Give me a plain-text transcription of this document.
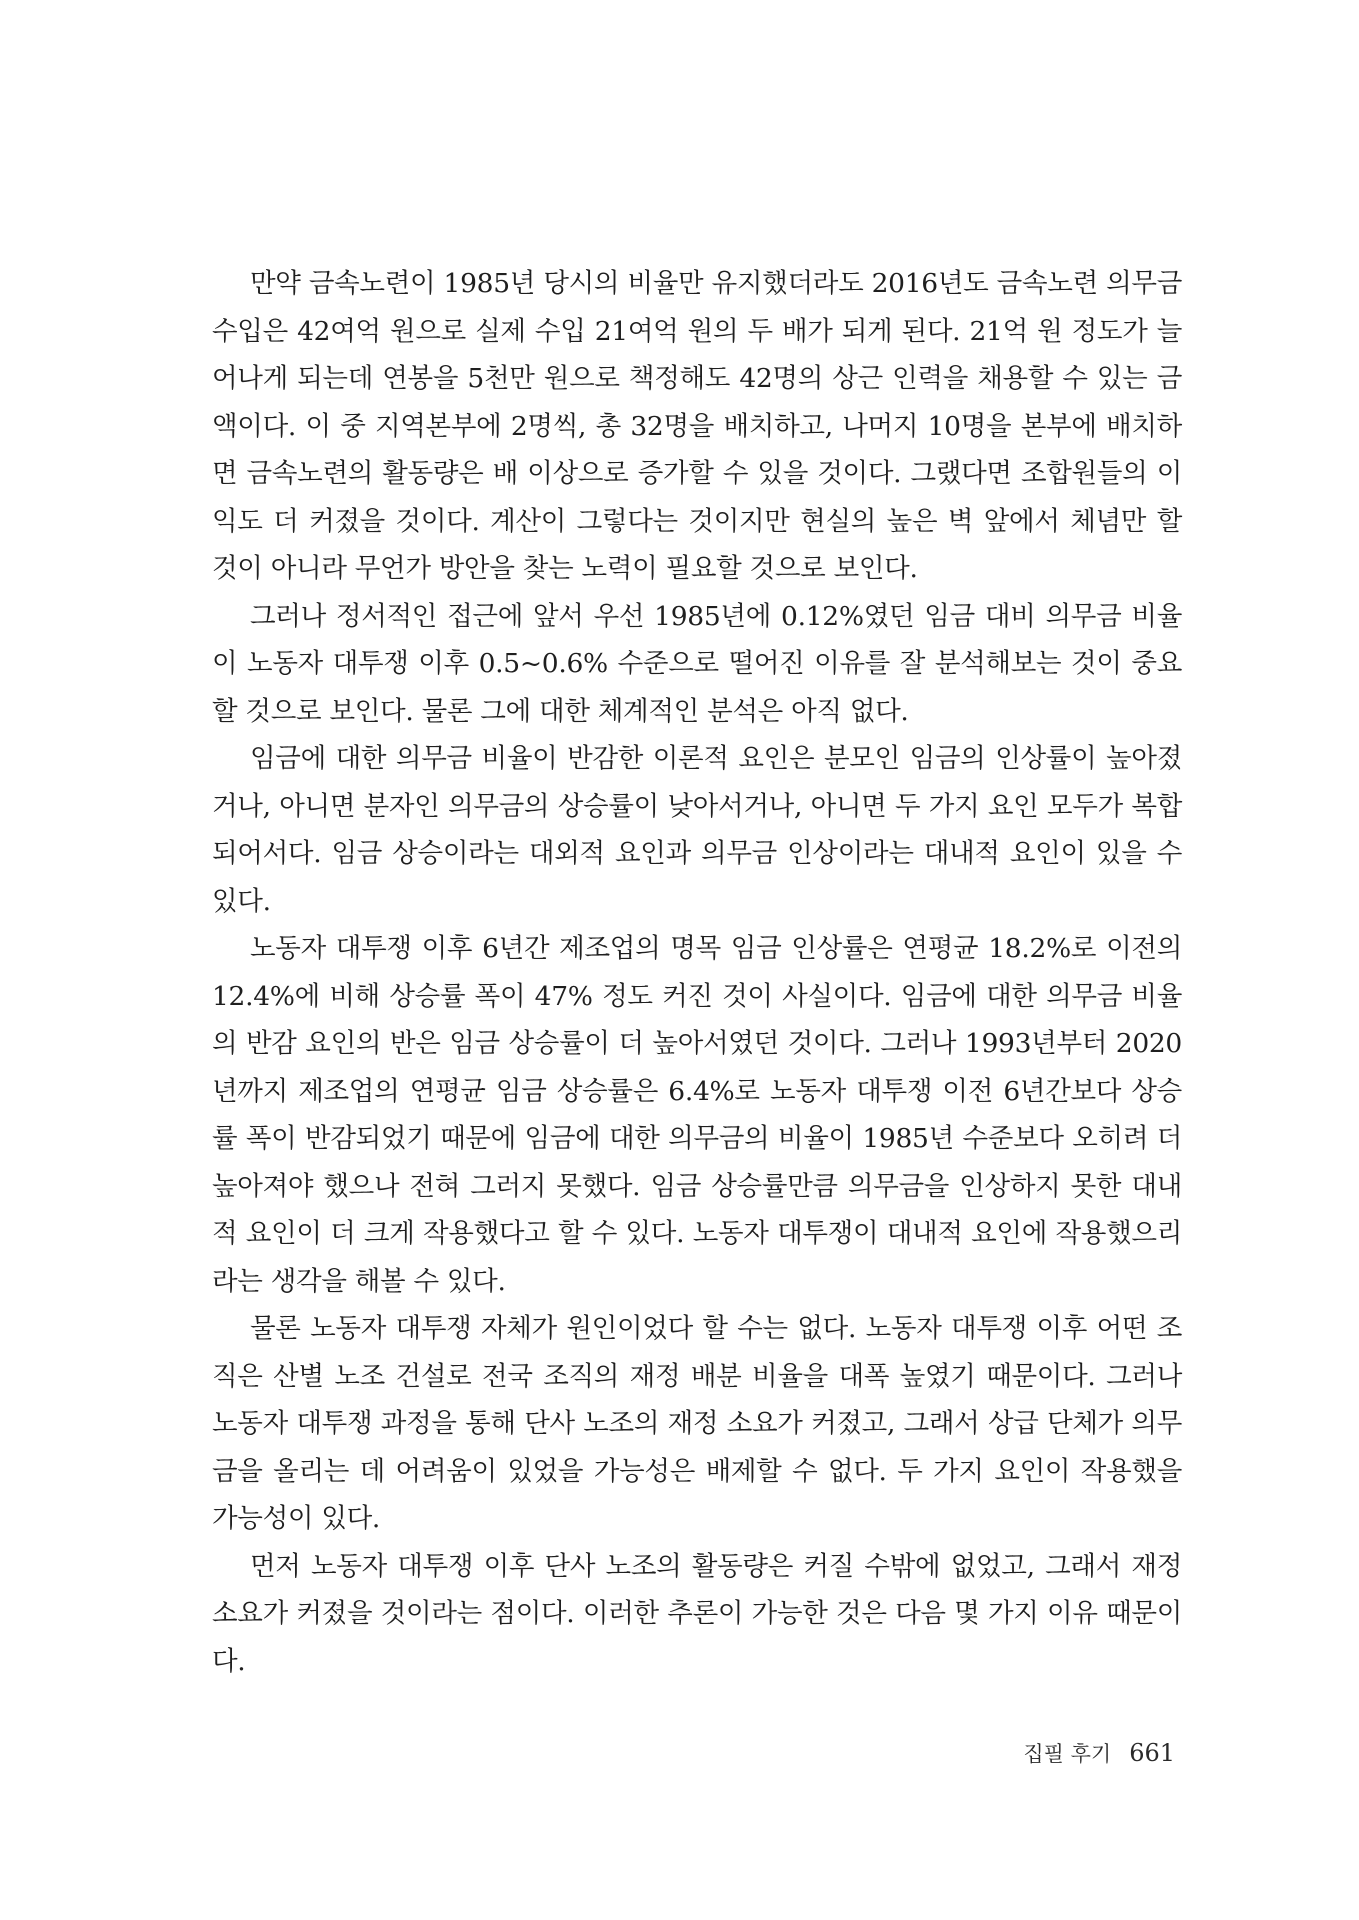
만약 금속노련이 1985년 당시의 비율만 유지했더라도 2016년도 금속노련 의무금 수입은 42여억 원으로 실제 수입 21여억 원의 두 배가 되게 된다. 21억 원 정도가 늘어나게 되는데 연봉을 5천만 원으로 책정해도 42명의 상근 인력을 채용할 수 있는 금액이다. 이 중 지역본부에 2명씩, 총 32명을 배치하고, 나머지 10명을 본부에 배치하면 금속노련의 활동량은 배 이상으로 증가할 수 있을 것이다. 그랬다면 조합원들의 이익도 더 커졌을 것이다. 계산이 그렇다는 것이지만 현실의 높은 벽 앞에서 체념만 할 것이 아니라 무언가 방안을 찾는 노력이 필요할 것으로 보인다.

그러나 정서적인 접근에 앞서 우선 1985년에 0.12%였던 임금 대비 의무금 비율이 노동자 대투쟁 이후 0.5~0.6% 수준으로 떨어진 이유를 잘 분석해보는 것이 중요할 것으로 보인다. 물론 그에 대한 체계적인 분석은 아직 없다.

임금에 대한 의무금 비율이 반감한 이론적 요인은 분모인 임금의 인상률이 높아졌거나, 아니면 분자인 의무금의 상승률이 낮아서거나, 아니면 두 가지 요인 모두가 복합되어서다. 임금 상승이라는 대외적 요인과 의무금 인상이라는 대내적 요인이 있을 수 있다.

노동자 대투쟁 이후 6년간 제조업의 명목 임금 인상률은 연평균 18.2%로 이전의 12.4%에 비해 상승률 폭이 47% 정도 커진 것이 사실이다. 임금에 대한 의무금 비율의 반감 요인의 반은 임금 상승률이 더 높아서였던 것이다. 그러나 1993년부터 2020년까지 제조업의 연평균 임금 상승률은 6.4%로 노동자 대투쟁 이전 6년간보다 상승률 폭이 반감되었기 때문에 임금에 대한 의무금의 비율이 1985년 수준보다 오히려 더 높아져야 했으나 전혀 그러지 못했다. 임금 상승률만큼 의무금을 인상하지 못한 대내적 요인이 더 크게 작용했다고 할 수 있다. 노동자 대투쟁이 대내적 요인에 작용했으리라는 생각을 해볼 수 있다.

물론 노동자 대투쟁 자체가 원인이었다 할 수는 없다. 노동자 대투쟁 이후 어떤 조직은 산별 노조 건설로 전국 조직의 재정 배분 비율을 대폭 높였기 때문이다. 그러나 노동자 대투쟁 과정을 통해 단사 노조의 재정 소요가 커졌고, 그래서 상급 단체가 의무금을 올리는 데 어려움이 있었을 가능성은 배제할 수 없다. 두 가지 요인이 작용했을 가능성이 있다.

먼저 노동자 대투쟁 이후 단사 노조의 활동량은 커질 수밖에 없었고, 그래서 재정 소요가 커졌을 것이라는 점이다. 이러한 추론이 가능한 것은 다음 몇 가지 이유 때문이다.

집필 후기 661
